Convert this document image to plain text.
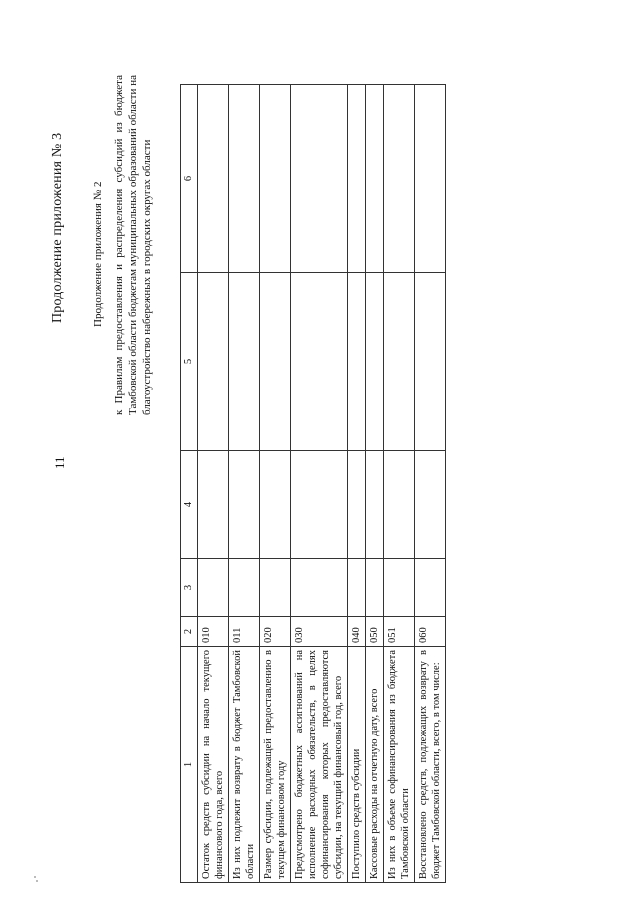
11
Продолжение приложения № 3 Продолжение приложения № 2 к Правилам предоставления и распределения субсидий из бюджета Тамбовской области бюджетам муниципальных образований области на благоустройство набережных в городских округах области
1	2	3	4	5	6
Остаток средств субсидии на начало текущего финансового года, всего	010				
Из них подлежит возврату в бюджет Тамбовской области	011				
Размер субсидии, подлежащей предоставлению в текущем финансовом году	020				
Предусмотрено бюджетных ассигнований на исполнение расходных обязательств, в целях софинансирования которых предоставляются субсидии, на текущий финансовый год, всего	030				
Поступило средств субсидии	040				
Кассовые расходы на отчетную дату, всего	050				
Из них в объеме софинансирования из бюджета Тамбовской области	051				
Восстановлено средств, подлежащих возврату в бюджет Тамбовской области, всего, в том числе:	060				
